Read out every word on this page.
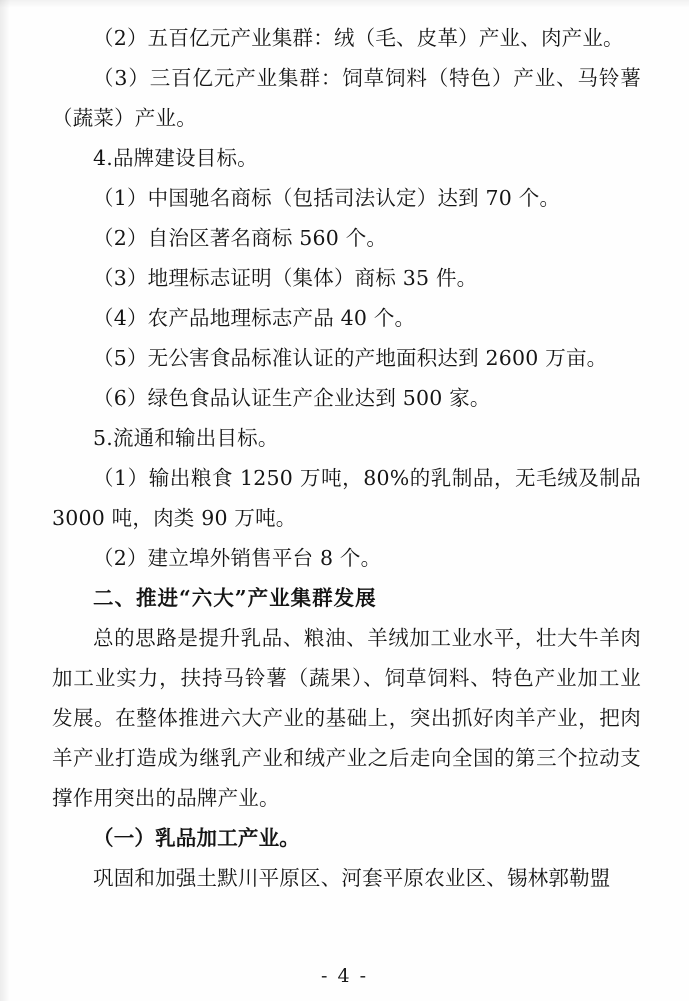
（2）五百亿元产业集群：绒（毛、皮革）产业、肉产业。

（3）三百亿元产业集群：饲草饲料（特色）产业、马铃薯（蔬菜）产业。

4.品牌建设目标。

（1）中国驰名商标（包括司法认定）达到 70 个。

（2）自治区著名商标 560 个。

（3）地理标志证明（集体）商标 35 件。

（4）农产品地理标志产品 40 个。

（5）无公害食品标准认证的产地面积达到 2600 万亩。

（6）绿色食品认证生产企业达到 500 家。

5.流通和输出目标。

（1）输出粮食 1250 万吨，80%的乳制品，无毛绒及制品 3000 吨，肉类 90 万吨。

（2）建立埠外销售平台 8 个。

二、推进“六大”产业集群发展

总的思路是提升乳品、粮油、羊绒加工业水平，壮大牛羊肉加工业实力，扶持马铃薯（蔬果）、饲草饲料、特色产业加工业发展。在整体推进六大产业的基础上，突出抓好肉羊产业，把肉羊产业打造成为继乳产业和绒产业之后走向全国的第三个拉动支撑作用突出的品牌产业。

（一）乳品加工产业。

巩固和加强土默川平原区、河套平原农业区、锡林郭勒盟

- 4 -
